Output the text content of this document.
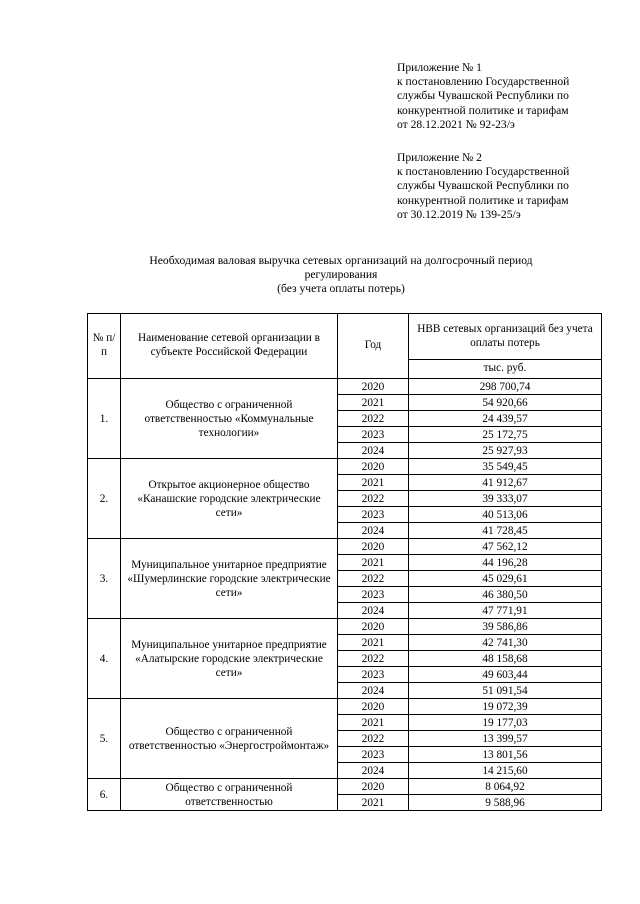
Приложение № 1
к постановлению Государственной
службы Чувашской Республики по
конкурентной политике и тарифам
от 28.12.2021 № 92-23/э
Приложение № 2
к постановлению Государственной
службы Чувашской Республики по
конкурентной политике и тарифам
от 30.12.2019 № 139-25/э
Необходимая валовая выручка сетевых организаций на долгосрочный период
регулирования
(без учета оплаты потерь)
№ п/п	Наименование сетевой организации в субъекте Российской Федерации	Год	НВВ сетевых организаций без учета оплаты потерь
			тыс. руб.
1.	Общество с ограниченной ответственностью «Коммунальные технологии»	2020	298 700,74
		2021	54 920,66
		2022	24 439,57
		2023	25 172,75
		2024	25 927,93
2.	Открытое акционерное общество «Канашские городские электрические сети»	2020	35 549,45
		2021	41 912,67
		2022	39 333,07
		2023	40 513,06
		2024	41 728,45
3.	Муниципальное унитарное предприятие «Шумерлинские городские электрические сети»	2020	47 562,12
		2021	44 196,28
		2022	45 029,61
		2023	46 380,50
		2024	47 771,91
4.	Муниципальное унитарное предприятие «Алатырские городские электрические сети»	2020	39 586,86
		2021	42 741,30
		2022	48 158,68
		2023	49 603,44
		2024	51 091,54
5.	Общество с ограниченной ответственностью «Энергостроймонтаж»	2020	19 072,39
		2021	19 177,03
		2022	13 399,57
		2023	13 801,56
		2024	14 215,60
6.	Общество с ограниченной ответственностью	2020	8 064,92
		2021	9 588,96
